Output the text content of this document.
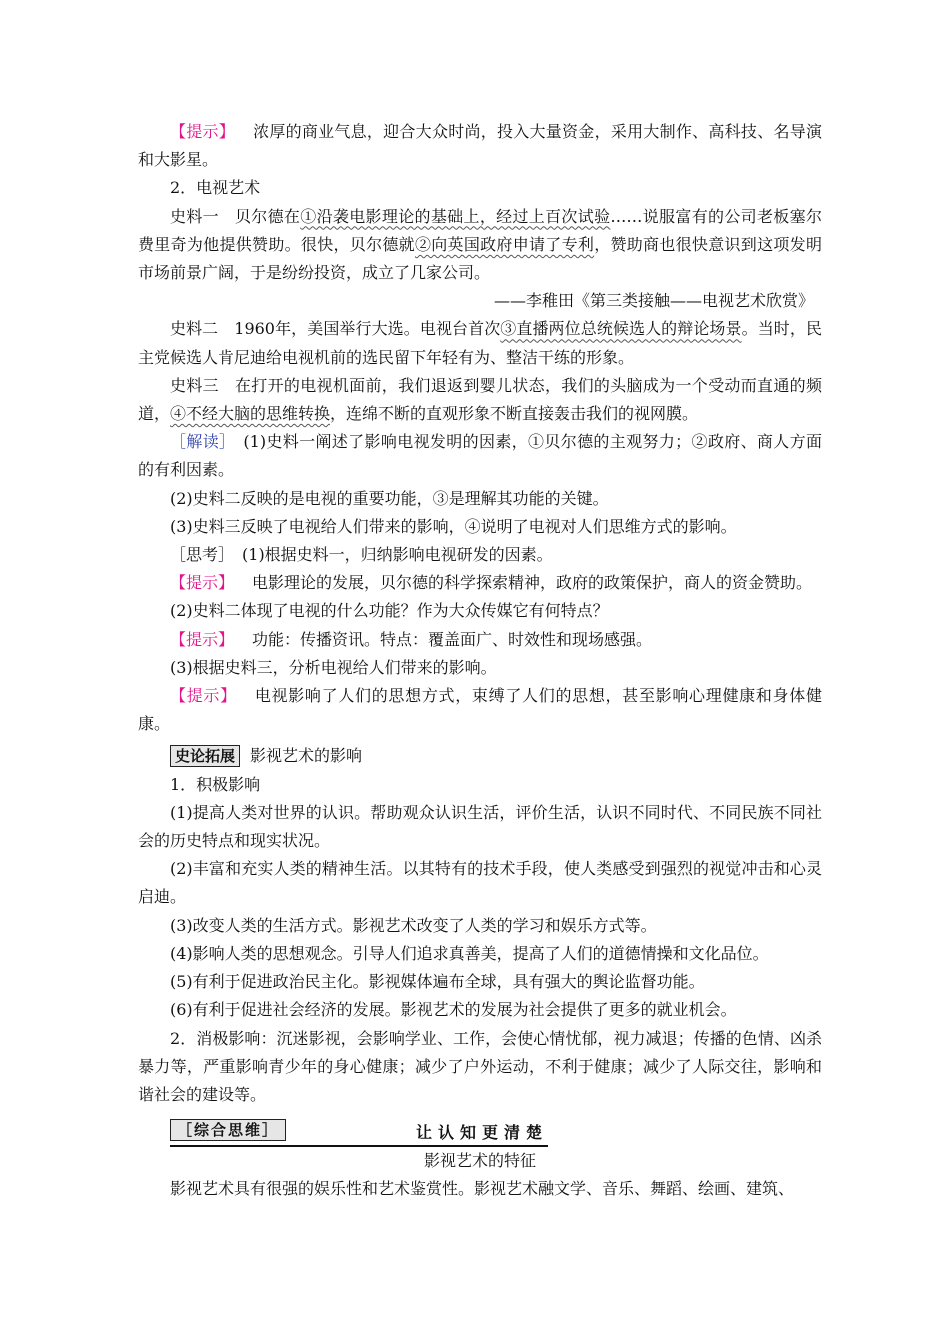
【提示】 浓厚的商业气息，迎合大众时尚，投入大量资金，采用大制作、高科技、名导演和大影星。

2．电视艺术

史料一 贝尔德在①沿袭电影理论的基础上，经过上百次试验……说服富有的公司老板塞尔费里奇为他提供赞助。很快，贝尔德就②向英国政府申请了专利，赞助商也很快意识到这项发明市场前景广阔，于是纷纷投资，成立了几家公司。

——李稚田《第三类接触——电视艺术欣赏》

史料二 1960年，美国举行大选。电视台首次③直播两位总统候选人的辩论场景。当时，民主党候选人肯尼迪给电视机前的选民留下年轻有为、整洁干练的形象。

史料三 在打开的电视机面前，我们退返到婴儿状态，我们的头脑成为一个受动而直通的频道，④不经大脑的思维转换，连绵不断的直观形象不断直接轰击我们的视网膜。

［解读］ (1)史料一阐述了影响电视发明的因素，①贝尔德的主观努力；②政府、商人方面的有利因素。

(2)史料二反映的是电视的重要功能，③是理解其功能的关键。

(3)史料三反映了电视给人们带来的影响，④说明了电视对人们思维方式的影响。

［思考］ (1)根据史料一，归纳影响电视研发的因素。

【提示】 电影理论的发展，贝尔德的科学探索精神，政府的政策保护，商人的资金赞助。

(2)史料二体现了电视的什么功能？作为大众传媒它有何特点？

【提示】 功能：传播资讯。特点：覆盖面广、时效性和现场感强。

(3)根据史料三，分析电视给人们带来的影响。

【提示】 电视影响了人们的思想方式，束缚了人们的思想，甚至影响心理健康和身体健康。

史论拓展 影视艺术的影响

1．积极影响

(1)提高人类对世界的认识。帮助观众认识生活，评价生活，认识不同时代、不同民族不同社会的历史特点和现实状况。

(2)丰富和充实人类的精神生活。以其特有的技术手段，使人类感受到强烈的视觉冲击和心灵启迪。

(3)改变人类的生活方式。影视艺术改变了人类的学习和娱乐方式等。

(4)影响人类的思想观念。引导人们追求真善美，提高了人们的道德情操和文化品位。

(5)有利于促进政治民主化。影视媒体遍布全球，具有强大的舆论监督功能。

(6)有利于促进社会经济的发展。影视艺术的发展为社会提供了更多的就业机会。

2．消极影响：沉迷影视，会影响学业、工作，会使心情忧郁，视力减退；传播的色情、凶杀暴力等，严重影响青少年的身心健康；减少了户外运动，不利于健康；减少了人际交往，影响和谐社会的建设等。

［综合思维］	让认知更清楚

影视艺术的特征

影视艺术具有很强的娱乐性和艺术鉴赏性。影视艺术融文学、音乐、舞蹈、绘画、建筑、
